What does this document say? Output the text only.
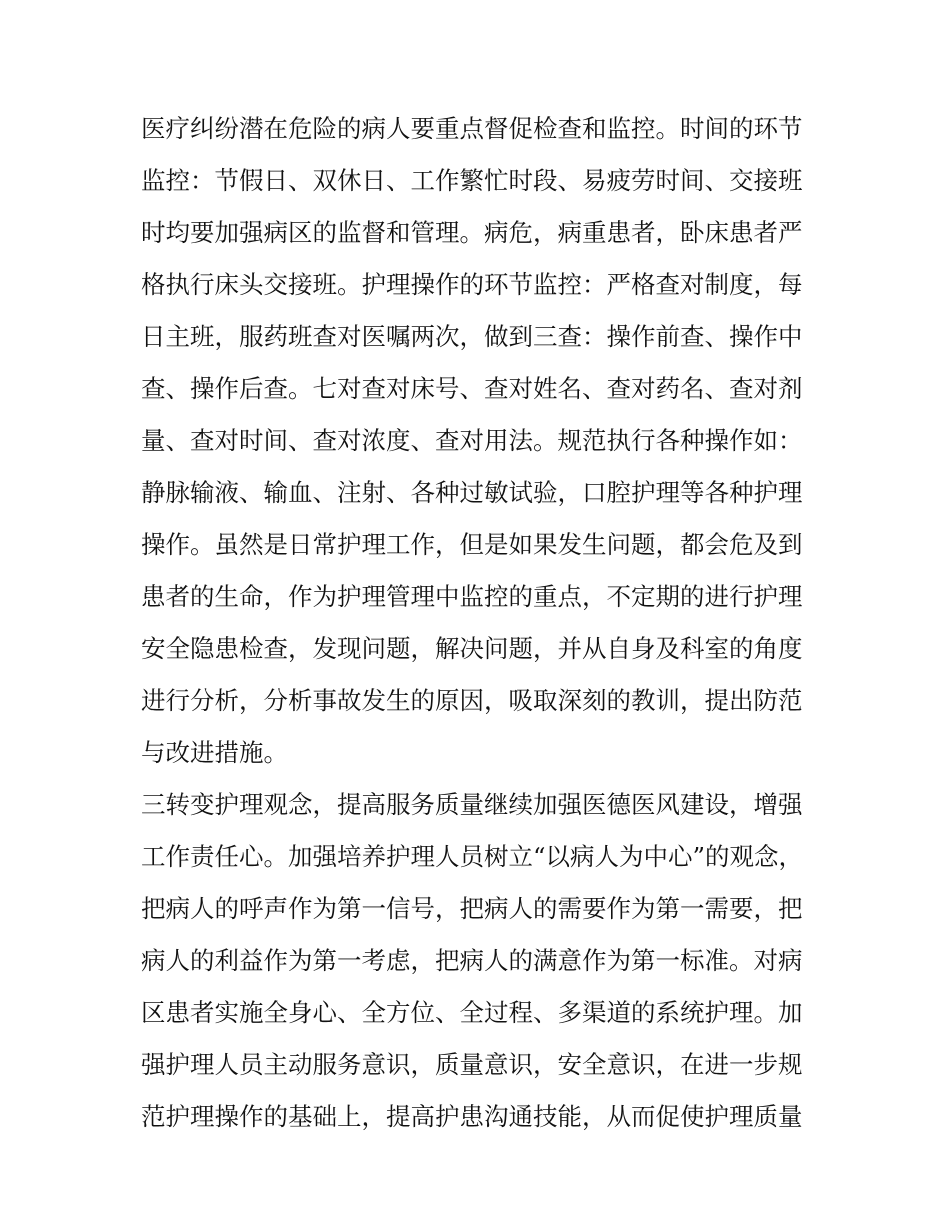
医疗纠纷潜在危险的病人要重点督促检查和监控。时间的环节
监控：节假日、双休日、工作繁忙时段、易疲劳时间、交接班
时均要加强病区的监督和管理。病危，病重患者，卧床患者严
格执行床头交接班。护理操作的环节监控：严格查对制度，每
日主班，服药班查对医嘱两次，做到三查：操作前查、操作中
查、操作后查。七对查对床号、查对姓名、查对药名、查对剂
量、查对时间、查对浓度、查对用法。规范执行各种操作如：
静脉输液、输血、注射、各种过敏试验，口腔护理等各种护理
操作。虽然是日常护理工作，但是如果发生问题，都会危及到
患者的生命，作为护理管理中监控的重点，不定期的进行护理
安全隐患检查，发现问题，解决问题，并从自身及科室的角度
进行分析，分析事故发生的原因，吸取深刻的教训，提出防范
与改进措施。
三转变护理观念，提高服务质量继续加强医德医风建设，增强
工作责任心。加强培养护理人员树立“以病人为中心”的观念，
把病人的呼声作为第一信号，把病人的需要作为第一需要，把
病人的利益作为第一考虑，把病人的满意作为第一标准。对病
区患者实施全身心、全方位、全过程、多渠道的系统护理。加
强护理人员主动服务意识，质量意识，安全意识，在进一步规
范护理操作的基础上，提高护患沟通技能，从而促使护理质量
